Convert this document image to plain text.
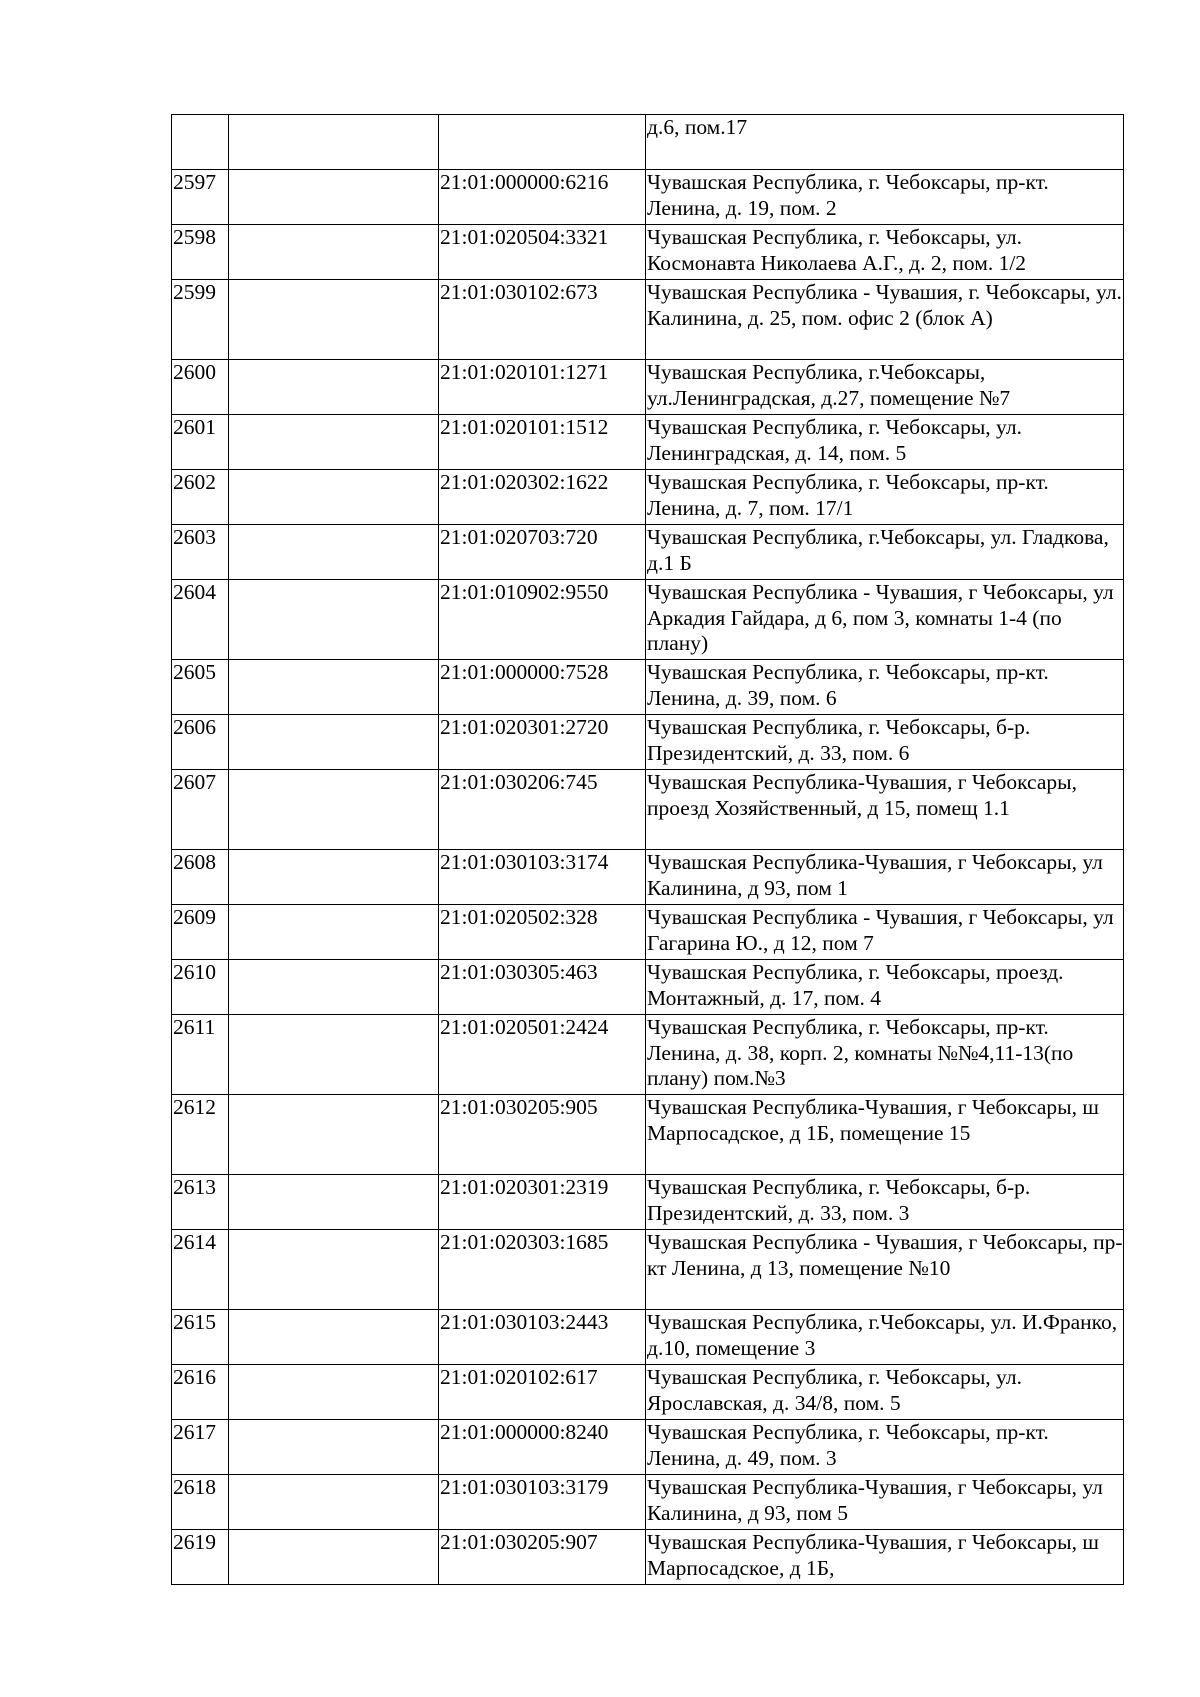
			д.6, пом.17
2597		21:01:000000:6216	Чувашская Республика, г. Чебоксары, пр-кт. Ленина, д. 19, пом. 2
2598		21:01:020504:3321	Чувашская Республика, г. Чебоксары, ул. Космонавта Николаева А.Г., д. 2, пом. 1/2
2599		21:01:030102:673	Чувашская Республика - Чувашия, г. Чебоксары, ул. Калинина, д. 25, пом. офис 2 (блок А)
2600		21:01:020101:1271	Чувашская Республика, г.Чебоксары, ул.Ленинградская, д.27, помещение №7
2601		21:01:020101:1512	Чувашская Республика, г. Чебоксары, ул. Ленинградская, д. 14, пом. 5
2602		21:01:020302:1622	Чувашская Республика, г. Чебоксары, пр-кт. Ленина, д. 7, пом. 17/1
2603		21:01:020703:720	Чувашская Республика, г.Чебоксары, ул. Гладкова, д.1 Б
2604		21:01:010902:9550	Чувашская Республика - Чувашия, г Чебоксары, ул Аркадия Гайдара, д 6, пом 3, комнаты 1-4 (по плану)
2605		21:01:000000:7528	Чувашская Республика, г. Чебоксары, пр-кт. Ленина, д. 39, пом. 6
2606		21:01:020301:2720	Чувашская Республика, г. Чебоксары, б-р. Президентский, д. 33, пом. 6
2607		21:01:030206:745	Чувашская Республика-Чувашия, г Чебоксары, проезд Хозяйственный, д 15, помещ 1.1
2608		21:01:030103:3174	Чувашская Республика-Чувашия, г Чебоксары, ул Калинина, д 93, пом 1
2609		21:01:020502:328	Чувашская Республика - Чувашия, г Чебоксары, ул Гагарина Ю., д 12, пом 7
2610		21:01:030305:463	Чувашская Республика, г. Чебоксары, проезд. Монтажный, д. 17, пом. 4
2611		21:01:020501:2424	Чувашская Республика, г. Чебоксары, пр-кт. Ленина, д. 38, корп. 2, комнаты №№4,11-13(по плану) пом.№3
2612		21:01:030205:905	Чувашская Республика-Чувашия, г Чебоксары, ш Марпосадское, д 1Б, помещение 15
2613		21:01:020301:2319	Чувашская Республика, г. Чебоксары, б-р. Президентский, д. 33, пом. 3
2614		21:01:020303:1685	Чувашская Республика - Чувашия, г Чебоксары, пр-кт Ленина, д 13, помещение №10
2615		21:01:030103:2443	Чувашская Республика, г.Чебоксары, ул. И.Франко, д.10, помещение 3
2616		21:01:020102:617	Чувашская Республика, г. Чебоксары, ул. Ярославская, д. 34/8, пом. 5
2617		21:01:000000:8240	Чувашская Республика, г. Чебоксары, пр-кт. Ленина, д. 49, пом. 3
2618		21:01:030103:3179	Чувашская Республика-Чувашия, г Чебоксары, ул Калинина, д 93, пом 5
2619		21:01:030205:907	Чувашская Республика-Чувашия, г Чебоксары, ш Марпосадское, д 1Б,
